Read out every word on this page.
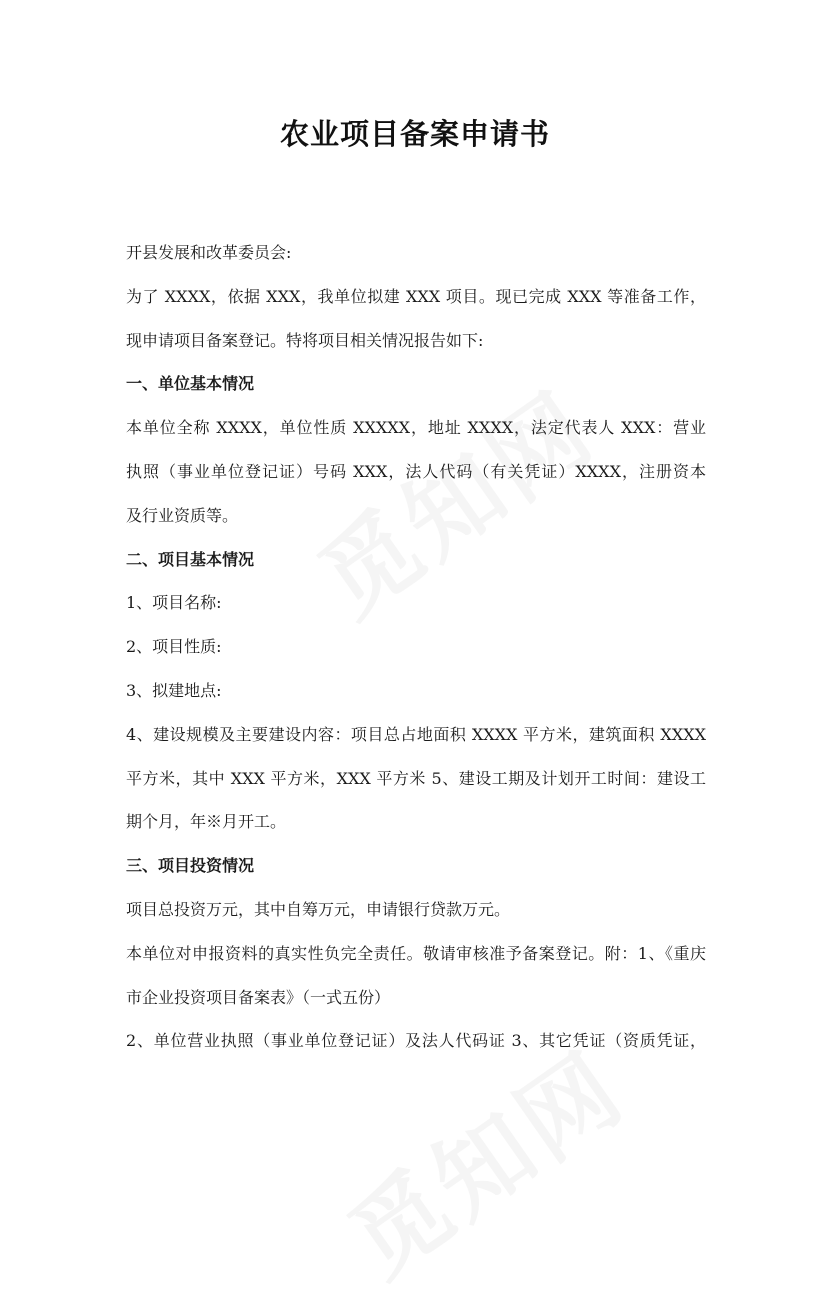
农业项目备案申请书
开县发展和改革委员会:
为了 XXXX，依据 XXX，我单位拟建 XXX 项目。现已完成 XXX 等准备工作，
现申请项目备案登记。特将项目相关情况报告如下:
一、单位基本情况
本单位全称 XXXX，单位性质 XXXXX，地址 XXXX，法定代表人 XXX：营业
执照（事业单位登记证）号码 XXX，法人代码（有关凭证）XXXX，注册资本
及行业资质等。
二、项目基本情况
1、项目名称:
2、项目性质:
3、拟建地点:
4、建设规模及主要建设内容：项目总占地面积 XXXX 平方米，建筑面积 XXXX
平方米，其中 XXX 平方米，XXX 平方米 5、建设工期及计划开工时间：建设工
期个月，年※月开工。
三、项目投资情况
项目总投资万元，其中自筹万元，申请银行贷款万元。
本单位对申报资料的真实性负完全责任。敬请审核准予备案登记。附：1、《重庆
市企业投资项目备案表》（一式五份）
2、单位营业执照（事业单位登记证）及法人代码证 3、其它凭证（资质凭证，
